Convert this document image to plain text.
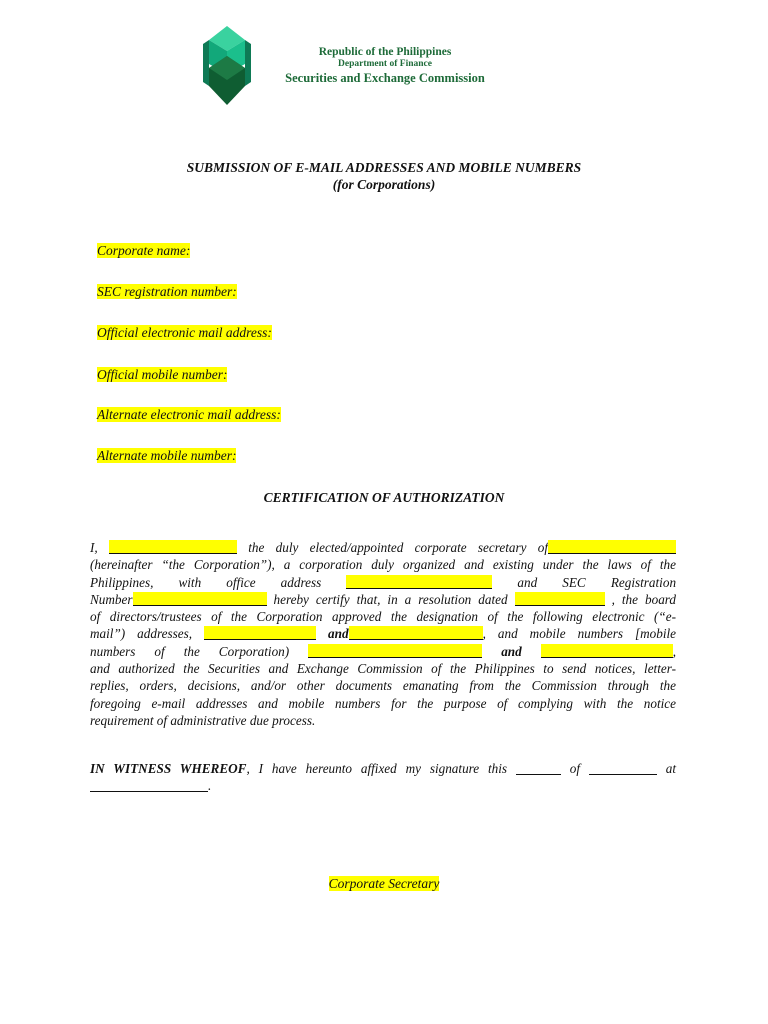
Republic of the Philippines
Department of Finance
Securities and Exchange Commission
SUBMISSION OF E-MAIL ADDRESSES AND MOBILE NUMBERS
(for Corporations)
Corporate name:
SEC registration number:
Official electronic mail address:
Official mobile number:
Alternate electronic mail address:
Alternate mobile number:
CERTIFICATION OF AUTHORIZATION
I,	the duly elected/appointed corporate secretary of
(hereinafter “the Corporation”), a corporation duly organized and existing under the laws of the
Philippines, with office address	and SEC Registration
Number	hereby certify that, in a resolution dated	, the board
of directors/trustees of the Corporation approved the designation of the following electronic (“e-
mail”) addresses,	and	, and mobile numbers [mobile
numbers of the Corporation)	and	,
and authorized the Securities and Exchange Commission of the Philippines to send notices, letter-
replies, orders, decisions, and/or other documents emanating from the Commission through the
foregoing e-mail addresses and mobile numbers for the purpose of complying with the notice
requirement of administrative due process.
IN WITNESS WHEREOF, I have hereunto affixed my signature this	of	at
.
Corporate Secretary
